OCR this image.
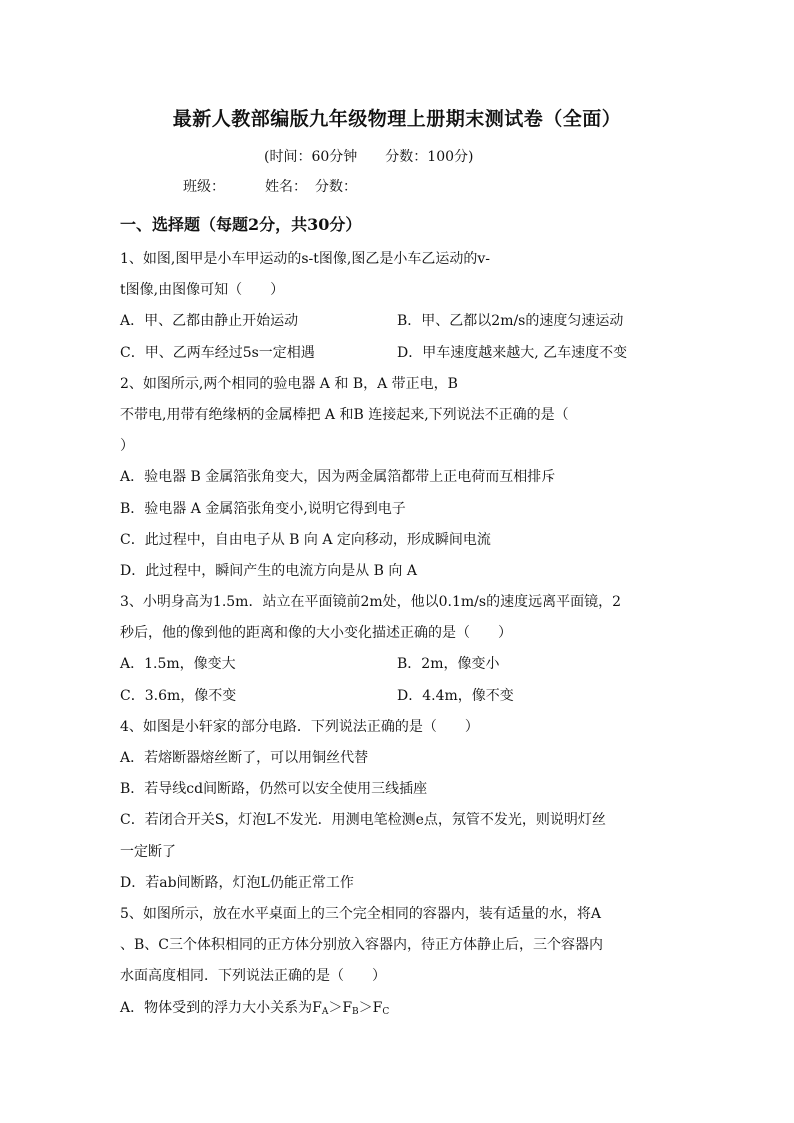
最新人教部编版九年级物理上册期末测试卷（全面）
(时间：60分钟 分数：100分)
班级：	姓名： 分数：
一、选择题（每题2分，共30分）
1、如图,图甲是小车甲运动的s-t图像,图乙是小车乙运动的v-
t图像,由图像可知（　　）
A．甲、乙都由静止开始运动	B．甲、乙都以2m/s的速度匀速运动
C．甲、乙两车经过5s一定相遇	D．甲车速度越来越大, 乙车速度不变
2、如图所示,两个相同的验电器 A 和 B，A 带正电，B
不带电,用带有绝缘柄的金属棒把 A 和B 连接起来,下列说法不正确的是（
）
A．验电器 B 金属箔张角变大，因为两金属箔都带上正电荷而互相排斥
B．验电器 A 金属箔张角变小,说明它得到电子
C．此过程中，自由电子从 B 向 A 定向移动，形成瞬间电流
D．此过程中，瞬间产生的电流方向是从 B 向 A
3、小明身高为1.5m．站立在平面镜前2m处，他以0.1m/s的速度远离平面镜，2
秒后，他的像到他的距离和像的大小变化描述正确的是（　　）
A．1.5m，像变大	B．2m，像变小
C．3.6m，像不变	D．4.4m，像不变
4、如图是小轩家的部分电路．下列说法正确的是（　　）
A．若熔断器熔丝断了，可以用铜丝代替
B．若导线cd间断路，仍然可以安全使用三线插座
C．若闭合开关S，灯泡L不发光．用测电笔检测e点，氖管不发光，则说明灯丝
一定断了
D．若ab间断路，灯泡L仍能正常工作
5、如图所示，放在水平桌面上的三个完全相同的容器内，装有适量的水，将A
、B、C三个体积相同的正方体分别放入容器内，待正方体静止后，三个容器内
水面高度相同．下列说法正确的是（　　）
A．物体受到的浮力大小关系为$F_A>F_B>F_C$
